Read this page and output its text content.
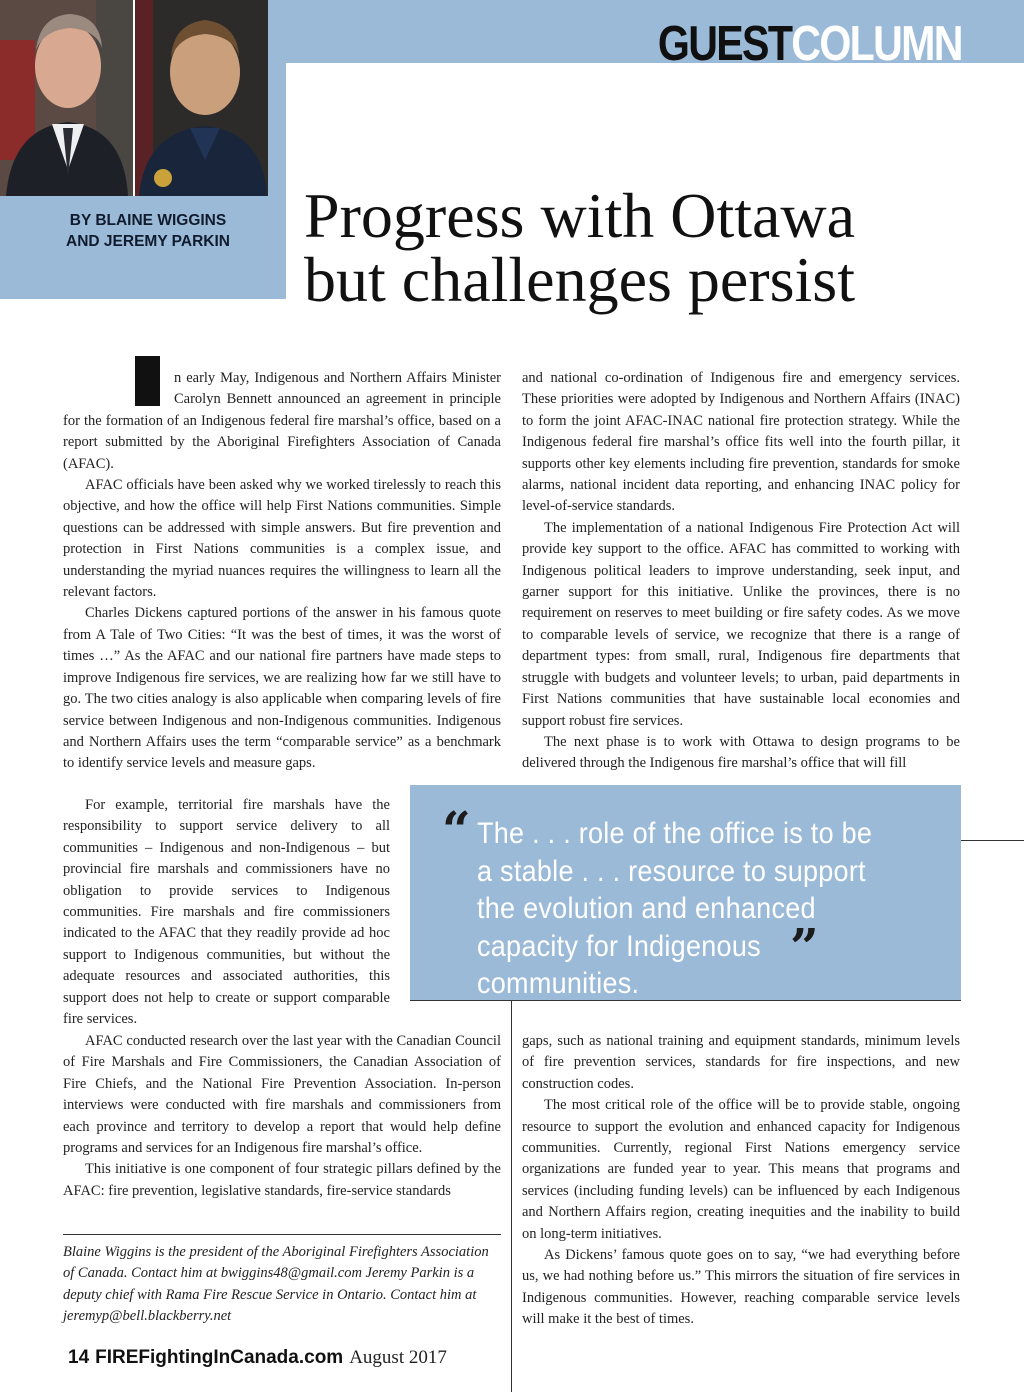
GUESTCOLUMN
BY BLAINE WIGGINS
AND JEREMY PARKIN	Progress with Ottawa
but challenges persist

n early May, Indigenous and Northern Affairs Minister Carolyn Bennett announced an agreement in principle for the formation of an Indigenous federal fire marshal’s office, based on a report submitted by the Aboriginal Firefighters Association of Canada (AFAC).

AFAC officials have been asked why we worked tirelessly to reach this objective, and how the office will help First Nations communities. Simple questions can be addressed with simple answers. But fire prevention and protection in First Nations communities is a complex issue, and understanding the myriad nuances requires the willingness to learn all the relevant factors.

Charles Dickens captured portions of the answer in his famous quote from A Tale of Two Cities: “It was the best of times, it was the worst of times …” As the AFAC and our national fire partners have made steps to improve Indigenous fire services, we are realizing how far we still have to go. The two cities analogy is also applicable when comparing levels of fire service between Indigenous and non-Indigenous communities. Indigenous and Northern Affairs uses the term “comparable service” as a benchmark to identify service levels and measure gaps.

For example, territorial fire marshals have the responsibility to support service delivery to all communities – Indigenous and non-Indigenous – but provincial fire marshals and commissioners have no obligation to provide services to Indigenous communities. Fire marshals and fire commissioners indicated to the AFAC that they readily provide ad hoc support to Indigenous communities, but without the adequate resources and associated authorities, this support does not help to create or support comparable fire services.

AFAC conducted research over the last year with the Canadian Council of Fire Marshals and Fire Commissioners, the Canadian Association of Fire Chiefs, and the National Fire Prevention Association. In-person interviews were conducted with fire marshals and commissioners from each province and territory to develop a report that would help define programs and services for an Indigenous fire marshal’s office.

This initiative is one component of four strategic pillars defined by the AFAC: fire prevention, legislative standards, fire-service standards

and national co-ordination of Indigenous fire and emergency services. These priorities were adopted by Indigenous and Northern Affairs (INAC) to form the joint AFAC-INAC national fire protection strategy. While the Indigenous federal fire marshal’s office fits well into the fourth pillar, it supports other key elements including fire prevention, standards for smoke alarms, national incident data reporting, and enhancing INAC policy for level-of-service standards.

The implementation of a national Indigenous Fire Protection Act will provide key support to the office. AFAC has committed to working with Indigenous political leaders to improve understanding, seek input, and garner support for this initiative. Unlike the provinces, there is no requirement on reserves to meet building or fire safety codes. As we move to comparable levels of service, we recognize that there is a range of department types: from small, rural, Indigenous fire departments that struggle with budgets and volunteer levels; to urban, paid departments in First Nations communities that have sustainable local economies and support robust fire services.

The next phase is to work with Ottawa to design programs to be delivered through the Indigenous fire marshal’s office that will fill

gaps, such as national training and equipment standards, minimum levels of fire prevention services, standards for fire inspections, and new construction codes.

The most critical role of the office will be to provide stable, ongoing resource to support the evolution and enhanced capacity for Indigenous communities. Currently, regional First Nations emergency service organizations are funded year to year. This means that programs and services (including funding levels) can be influenced by each Indigenous and Northern Affairs region, creating inequities and the inability to build on long-term initiatives.

As Dickens’ famous quote goes on to say, “we had everything before us, we had nothing before us.” This mirrors the situation of fire services in Indigenous communities. However, reaching comparable service levels will make it the best of times.

“ The . . . role of the office is to be a stable . . . resource to support the evolution and enhanced capacity for Indigenous communities.

”

Blaine Wiggins is the president of the Aboriginal Firefighters Association of Canada. Contact him at bwiggins48@gmail.com Jeremy Parkin is a deputy chief with Rama Fire Rescue Service in Ontario. Contact him at jeremyp@bell.blackberry.net

14 FIREFightingInCanada.com August 2017
